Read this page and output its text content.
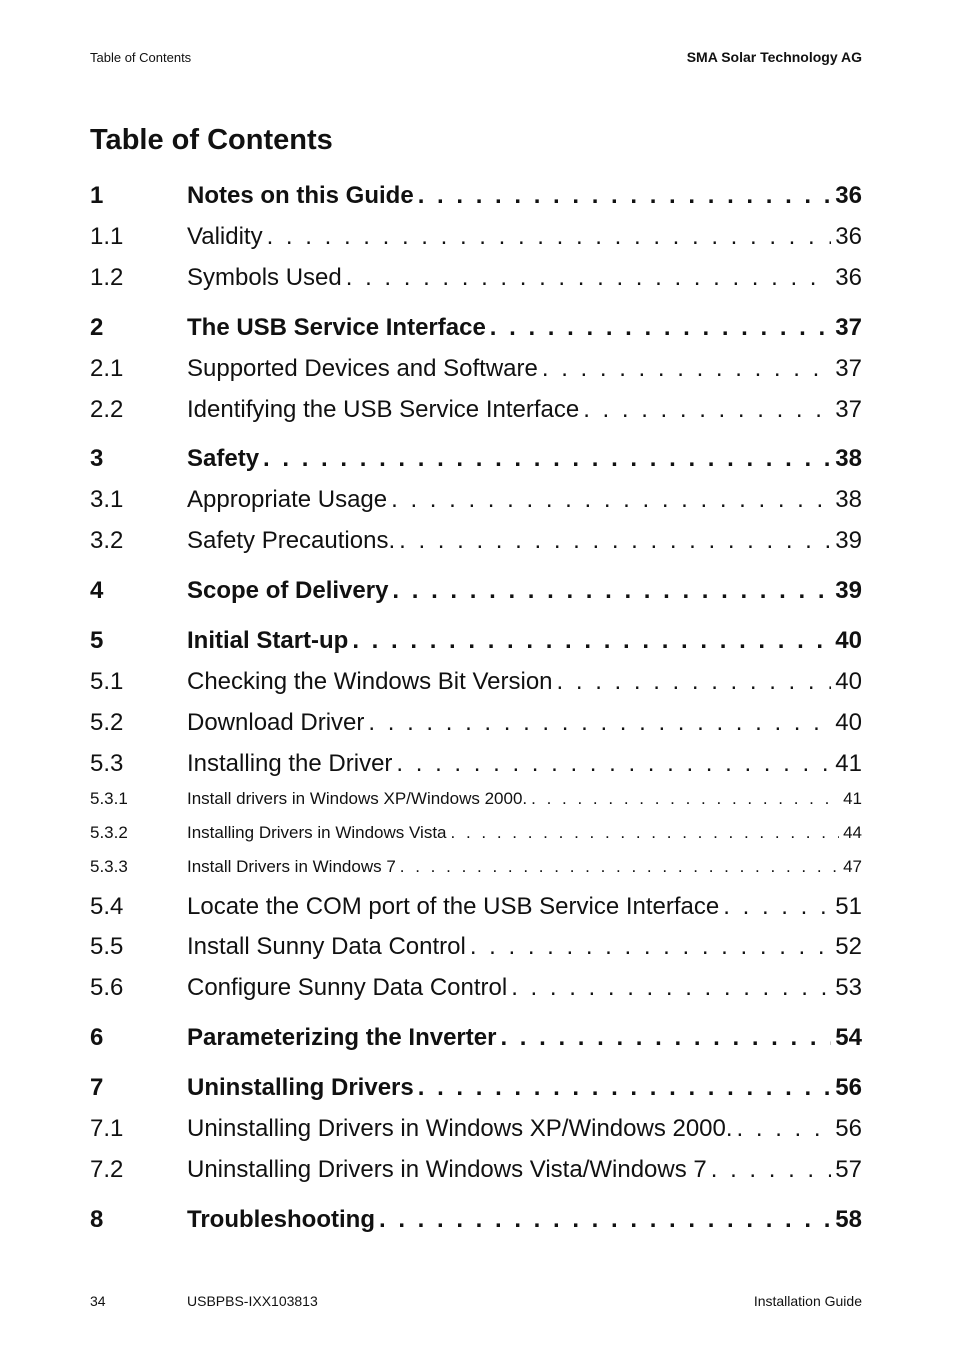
Table of Contents	SMA Solar Technology AG
Table of Contents
1	Notes on this Guide . . .	36
1.1	Validity . . .	36
1.2	Symbols Used . . .	36
2	The USB Service Interface . . .	37
2.1	Supported Devices and Software . . .	37
2.2	Identifying the USB Service Interface . . .	37
3	Safety . . .	38
3.1	Appropriate Usage . . .	38
3.2	Safety Precautions. . . .	39
4	Scope of Delivery . . .	39
5	Initial Start-up . . .	40
5.1	Checking the Windows Bit Version . . .	40
5.2	Download Driver . . .	40
5.3	Installing the Driver . . .	41
5.3.1	Install drivers in Windows XP/Windows 2000. . . .	41
5.3.2	Installing Drivers in Windows Vista . . .	44
5.3.3	Install Drivers in Windows 7 . . .	47
5.4	Locate the COM port of the USB Service Interface . . .	51
5.5	Install Sunny Data Control . . .	52
5.6	Configure Sunny Data Control . . .	53
6	Parameterizing the Inverter . . .	54
7	Uninstalling Drivers . . .	56
7.1	Uninstalling Drivers in Windows XP/Windows 2000. . . .	56
7.2	Uninstalling Drivers in Windows Vista/Windows 7 . . .	57
8	Troubleshooting . . .	58
34	USBPBS-IXX103813	Installation Guide
